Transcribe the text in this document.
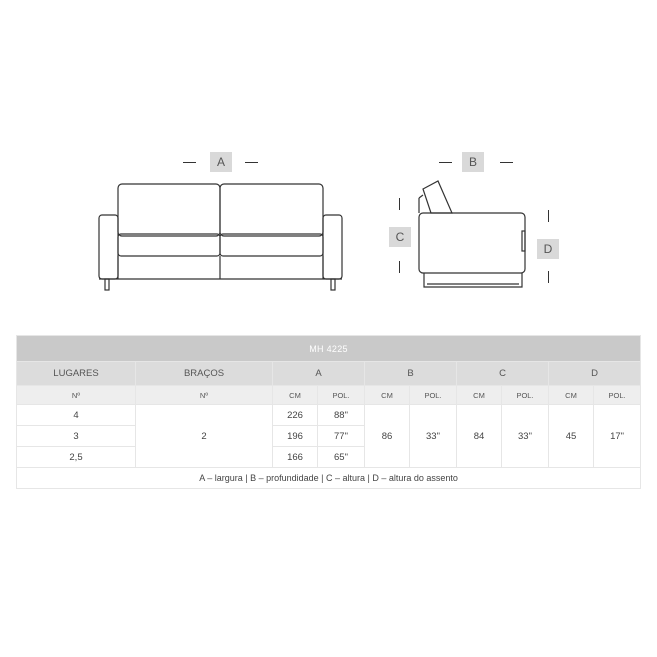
A	B
C
D
MH 4225									
LUGARES	BRAÇOS	A		B		C		D	
Nº	Nº	CM	POL.	CM	POL.	CM	POL.	CM	POL.
4	2	226	88"	86	33"	84	33"	45	17"
3		196	77"						
2,5		166	65"						
A – largura | B – profundidade | C – altura | D – altura do assento									
